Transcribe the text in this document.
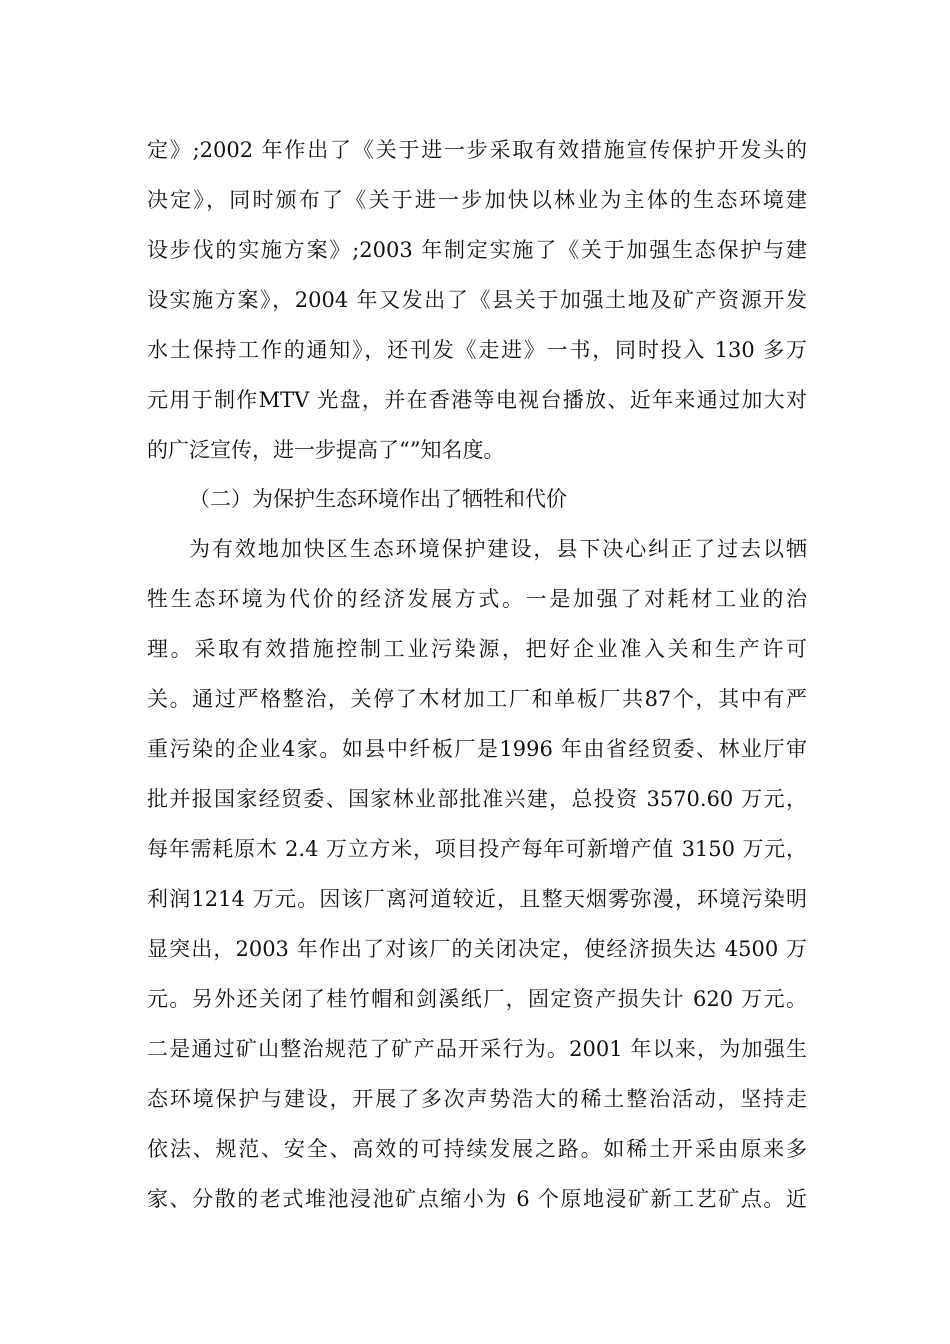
定》;2002 年作出了《关于进一步采取有效措施宣传保护开发头的
决定》，同时颁布了《关于进一步加快以林业为主体的生态环境建
设步伐的实施方案》;2003 年制定实施了《关于加强生态保护与建
设实施方案》，2004 年又发出了《县关于加强土地及矿产资源开发
水土保持工作的通知》，还刊发《走进》一书，同时投入 130 多万
元用于制作MTV 光盘，并在香港等电视台播放、近年来通过加大对
的广泛宣传，进一步提高了“”知名度。
（二）为保护生态环境作出了牺牲和代价
为有效地加快区生态环境保护建设，县下决心纠正了过去以牺
牲生态环境为代价的经济发展方式。一是加强了对耗材工业的治
理。采取有效措施控制工业污染源，把好企业准入关和生产许可
关。通过严格整治，关停了木材加工厂和单板厂共87个，其中有严
重污染的企业4家。如县中纤板厂是1996 年由省经贸委、林业厅审
批并报国家经贸委、国家林业部批准兴建，总投资 3570.60 万元，
每年需耗原木 2.4 万立方米，项目投产每年可新增产值 3150 万元，
利润1214 万元。因该厂离河道较近，且整天烟雾弥漫，环境污染明
显突出，2003 年作出了对该厂的关闭决定，使经济损失达 4500 万
元。另外还关闭了桂竹帽和剑溪纸厂，固定资产损失计 620 万元。
二是通过矿山整治规范了矿产品开采行为。2001 年以来，为加强生
态环境保护与建设，开展了多次声势浩大的稀土整治活动，坚持走
依法、规范、安全、高效的可持续发展之路。如稀土开采由原来多
家、分散的老式堆池浸池矿点缩小为 6 个原地浸矿新工艺矿点。近
